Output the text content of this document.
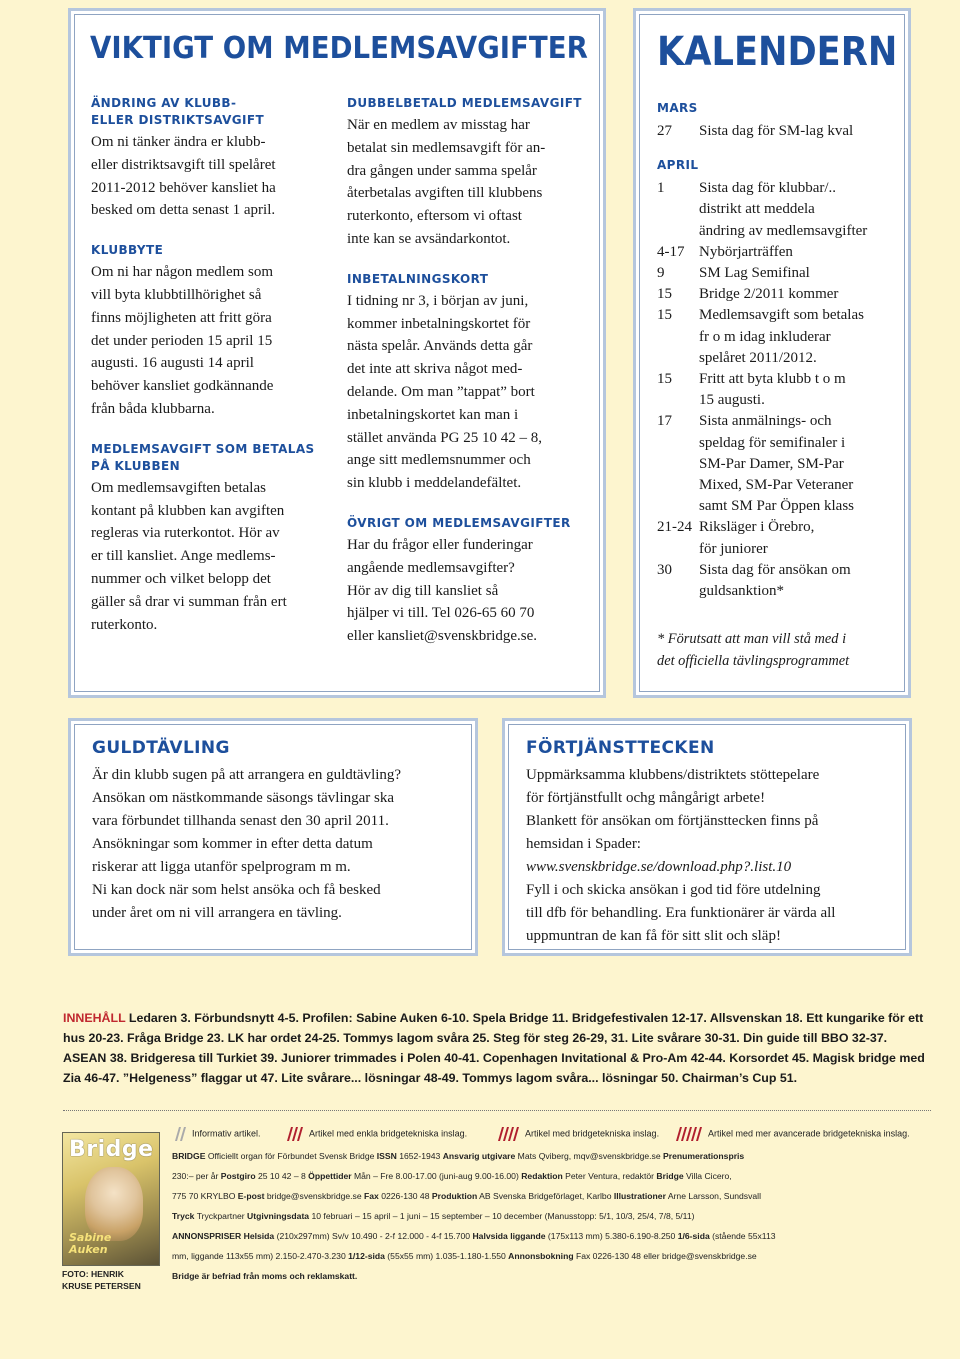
VIKTIGT OM MEDLEMSAVGIFTER
ÄNDRING AV KLUBB-
ELLER DISTRIKTSAVGIFT
Om ni tänker ändra er klubb-
eller distriktsavgift till spelåret
2011-2012 behöver kansliet ha
besked om detta senast 1 april.
KLUBBYTE
Om ni har någon medlem som
vill byta klubbtillhörighet så
finns möjligheten att fritt göra
det under perioden 15 april 15
augusti. 16 augusti 14 april
behöver kansliet godkännande
från båda klubbarna.
MEDLEMSAVGIFT SOM BETALAS
PÅ KLUBBEN
Om medlemsavgiften betalas
kontant på klubben kan avgiften
regleras via ruterkontot. Hör av
er till kansliet. Ange medlems-
nummer och vilket belopp det
gäller så drar vi summan från ert
ruterkonto.
DUBBELBETALD MEDLEMSAVGIFT
När en medlem av misstag har
betalat sin medlemsavgift för an-
dra gången under samma spelår
återbetalas avgiften till klubbens
ruterkonto, eftersom vi oftast
inte kan se avsändarkontot.
INBETALNINGSKORT
I tidning nr 3, i början av juni,
kommer inbetalningskortet för
nästa spelår. Används detta går
det inte att skriva något med-
delande. Om man ”tappat” bort
inbetalningskortet kan man i
stället använda PG 25 10 42 – 8,
ange sitt medlemsnummer och
sin klubb i meddelandefältet.
ÖVRIGT OM MEDLEMSAVGIFTER
Har du frågor eller funderingar
angående medlemsavgifter?
Hör av dig till kansliet så
hjälper vi till. Tel 026-65 60 70
eller kansliet@svenskbridge.se.
KALENDERN
MARS
27 Sista dag för SM-lag kval
APRIL
1 Sista dag för klubbar/..
distrikt att meddela
ändring av medlemsavgifter
4-17 Nybörjarträffen
9 SM Lag Semifinal
15 Bridge 2/2011 kommer
15 Medlemsavgift som betalas
fr o m idag inkluderar
spelåret 2011/2012.
15 Fritt att byta klubb t o m
15 augusti.
17 Sista anmälnings- och
speldag för semifinaler i
SM-Par Damer, SM-Par
Mixed, SM-Par Veteraner
samt SM Par Öppen klass
21-24 Riksläger i Örebro,
för juniorer
30 Sista dag för ansökan om
guldsanktion*
* Förutsatt att man vill stå med i
det officiella tävlingsprogrammet
GULDTÄVLING
Är din klubb sugen på att arrangera en guldtävling?
Ansökan om nästkommande säsongs tävlingar ska
vara förbundet tillhanda senast den 30 april 2011.
Ansökningar som kommer in efter detta datum
riskerar att ligga utanför spelprogram m m.
Ni kan dock när som helst ansöka och få besked
under året om ni vill arrangera en tävling.
FÖRTJÄNSTTECKEN
Uppmärksamma klubbens/distriktets stöttepelare
för förtjänstfullt ochg mångårigt arbete!
Blankett för ansökan om förtjänsttecken finns på
hemsidan i Spader:
www.svenskbridge.se/download.php?.list.10
Fyll i och skicka ansökan i god tid före utdelning
till dfb för behandling. Era funktionärer är värda all
uppmuntran de kan få för sitt slit och släp!
INNEHÅLL Ledaren 3. Förbundsnytt 4-5. Profilen: Sabine Auken 6-10. Spela Bridge 11. Bridgefestivalen 12-17. Allsvenskan 18. Ett kungarike för ett hus 20-23. Fråga Bridge 23. LK har ordet 24-25. Tommys lagom svåra 25. Steg för steg 26-29, 31. Lite svårare 30-31. Din guide till BBO 32-37. ASEAN 38. Bridgeresa till Turkiet 39. Juniorer trimmades i Polen 40-41. Copenhagen Invitational & Pro-Am 42-44. Korsordet 45. Magisk bridge med Zia 46-47. ”Helgeness” flaggar ut 47. Lite svårare... lösningar 48-49. Tommys lagom svåra... lösningar 50. Chairman’s Cup 51.
Informativ artikel.	Artikel med enkla bridgetekniska inslag.	Artikel med bridgetekniska inslag.	Artikel med mer avancerade bridgetekniska inslag.
Bridge
Sabine
Auken
FOTO: HENRIK
KRUSE PETERSEN
BRIDGE Officiellt organ för Förbundet Svensk Bridge ISSN 1652-1943 Ansvarig utgivare Mats Qviberg, mqv@svenskbridge.se Prenumerationspris
230:– per år Postgiro 25 10 42 – 8 Öppettider Mån – Fre 8.00-17.00 (juni-aug 9.00-16.00) Redaktion Peter Ventura, redaktör Bridge Villa Cicero,
775 70 KRYLBO E-post bridge@svenskbridge.se Fax 0226-130 48 Produktion AB Svenska Bridgeförlaget, Karlbo Illustrationer Arne Larsson, Sundsvall
Tryck Tryckpartner Utgivningsdata 10 februari – 15 april – 1 juni – 15 september – 10 december (Manusstopp: 5/1, 10/3, 25/4, 7/8, 5/11)
ANNONSPRISER Helsida (210x297mm) Sv/v 10.490 - 2-f 12.000 - 4-f 15.700 Halvsida liggande (175x113 mm) 5.380-6.190-8.250 1/6-sida (stående 55x113
mm, liggande 113x55 mm) 2.150-2.470-3.230 1/12-sida (55x55 mm) 1.035-1.180-1.550 Annonsbokning Fax 0226-130 48 eller bridge@svenskbridge.se
Bridge är befriad från moms och reklamskatt.
